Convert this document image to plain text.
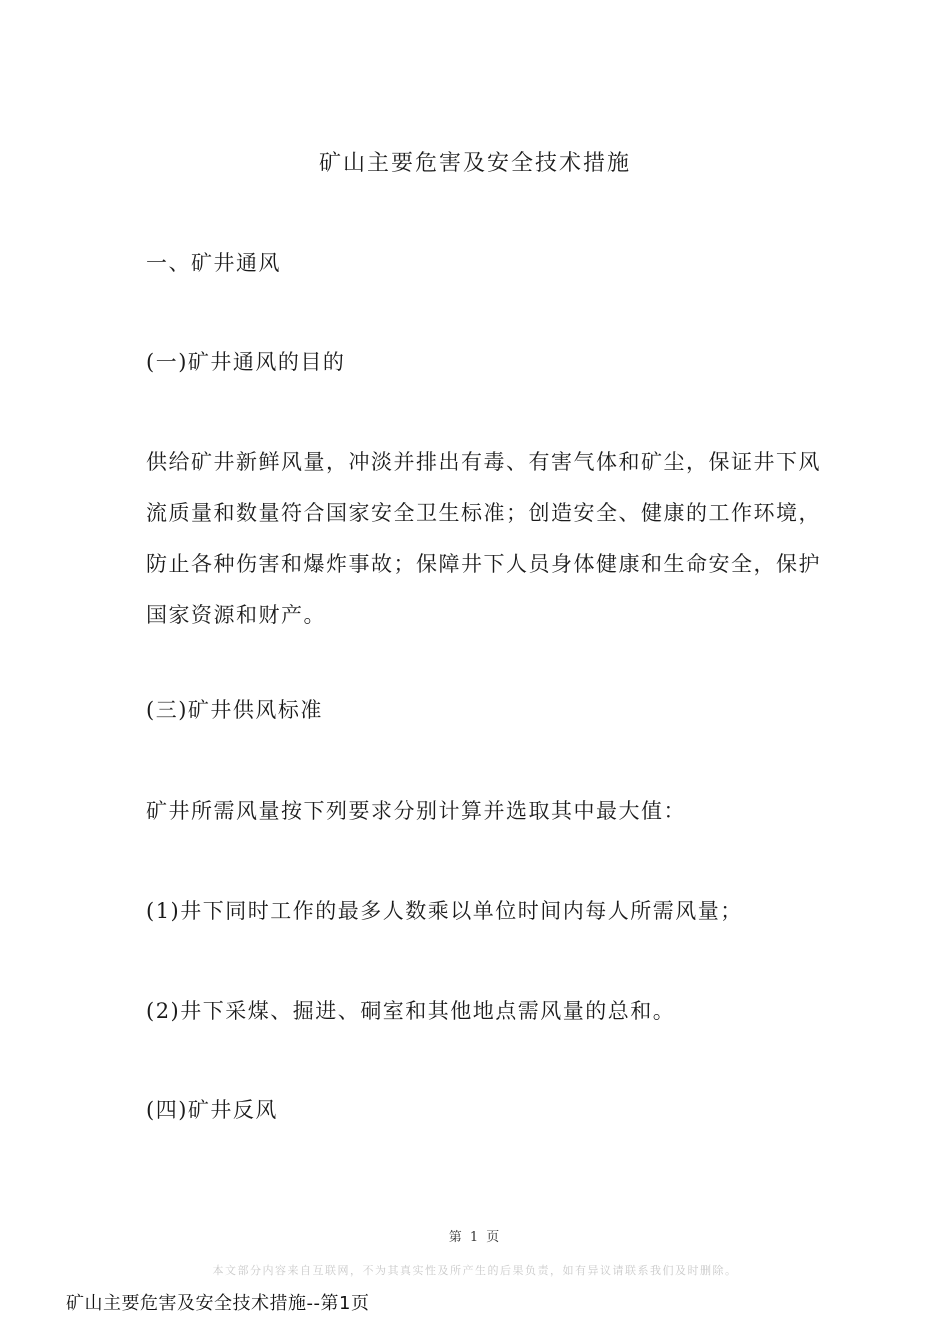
矿山主要危害及安全技术措施
一、矿井通风
(一)矿井通风的目的
供给矿井新鲜风量，冲淡并排出有毒、有害气体和矿尘，保证井下风
流质量和数量符合国家安全卫生标准；创造安全、健康的工作环境，
防止各种伤害和爆炸事故；保障井下人员身体健康和生命安全，保护
国家资源和财产。
(三)矿井供风标准
矿井所需风量按下列要求分别计算并选取其中最大值：
(1)井下同时工作的最多人数乘以单位时间内每人所需风量；
(2)井下采煤、掘进、硐室和其他地点需风量的总和。
(四)矿井反风
第 1 页
本文部分内容来自互联网，不为其真实性及所产生的后果负责，如有异议请联系我们及时删除。
矿山主要危害及安全技术措施--第1页
